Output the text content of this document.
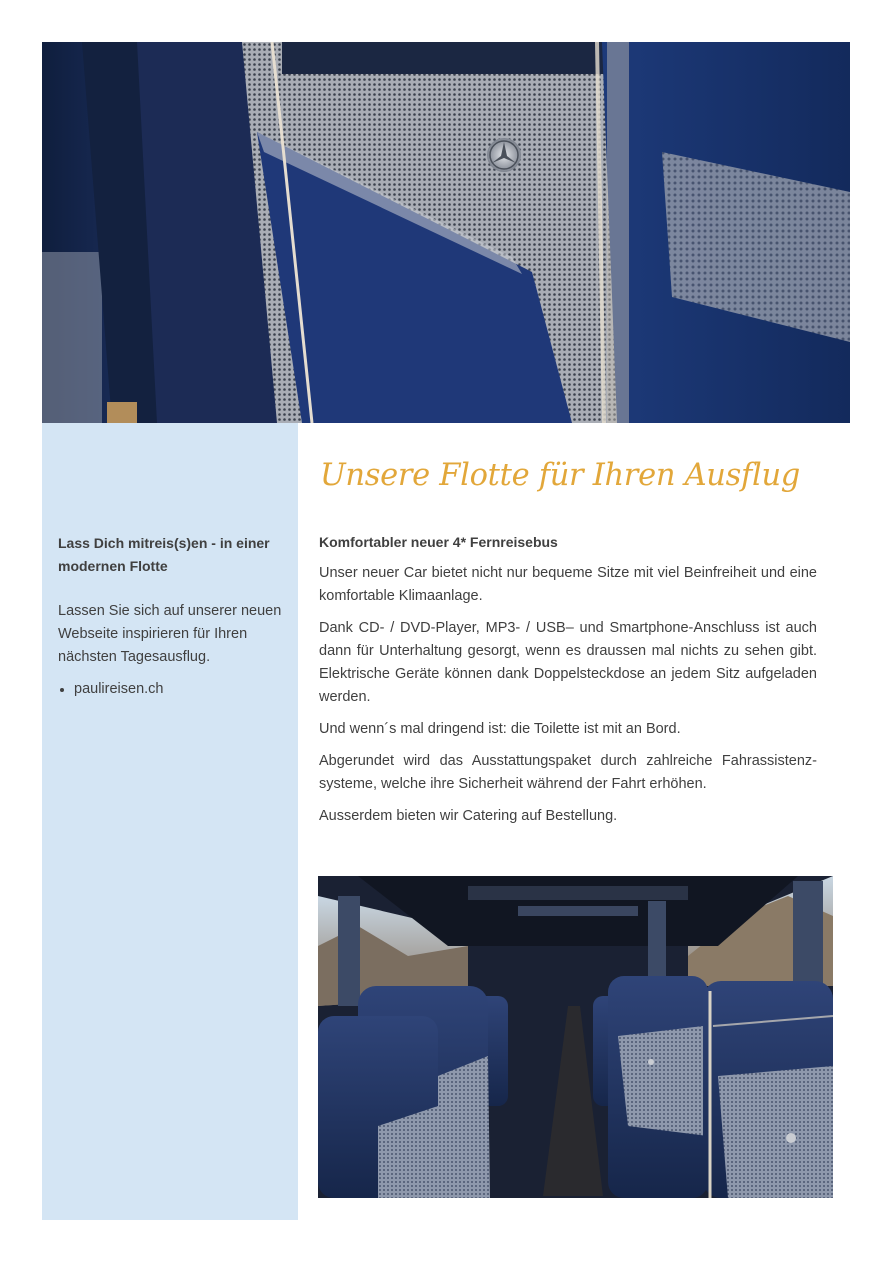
Lass Dich mitreis(s)en - in einer modernen Flotte

Lassen Sie sich auf unserer neuen Webseite inspirieren für Ihren nächsten Tagesausflug.

paulireisen.ch
Unsere Flotte für Ihren Ausflug
Komfortabler neuer 4* Fernreisebus

Unser neuer Car bietet nicht nur bequeme Sitze mit viel Beinfreiheit und eine komfortable Klimaanlage.

Dank CD- / DVD-Player, MP3- / USB– und Smartphone-Anschluss ist auch dann für Unterhaltung gesorgt, wenn es draussen mal nichts zu sehen gibt. Elektrische Geräte können dank Doppelsteckdose an jedem Sitz aufgeladen werden.

Und wenn´s mal dringend ist: die Toilette ist mit an Bord.

Abgerundet wird das Ausstattungspaket durch zahlreiche Fahrassistenzsysteme, welche ihre Sicherheit während der Fahrt erhöhen.

Ausserdem bieten wir Catering auf Bestellung.
